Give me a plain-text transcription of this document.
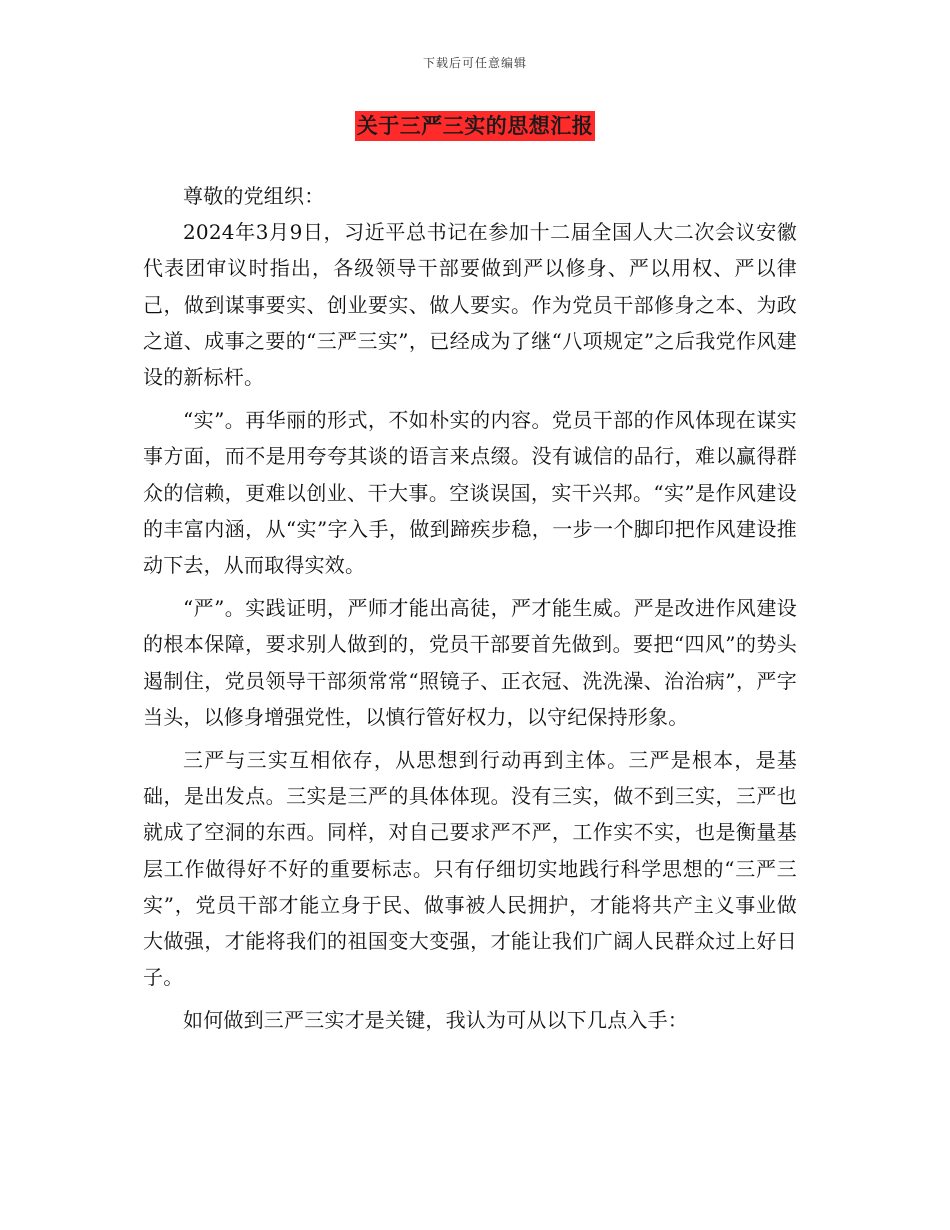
下载后可任意编辑
关于三严三实的思想汇报

尊敬的党组织：

2024年3月9日，习近平总书记在参加十二届全国人大二次会议安徽代表团审议时指出，各级领导干部要做到严以修身、严以用权、严以律己，做到谋事要实、创业要实、做人要实。作为党员干部修身之本、为政之道、成事之要的“三严三实”，已经成为了继“八项规定”之后我党作风建设的新标杆。

“实”。再华丽的形式，不如朴实的内容。党员干部的作风体现在谋实事方面，而不是用夸夸其谈的语言来点缀。没有诚信的品行，难以赢得群众的信赖，更难以创业、干大事。空谈误国，实干兴邦。“实”是作风建设的丰富内涵，从“实”字入手，做到蹄疾步稳，一步一个脚印把作风建设推动下去，从而取得实效。

“严”。实践证明，严师才能出高徒，严才能生威。严是改进作风建设的根本保障，要求别人做到的，党员干部要首先做到。要把“四风”的势头遏制住，党员领导干部须常常“照镜子、正衣冠、洗洗澡、治治病”，严字当头，以修身增强党性，以慎行管好权力，以守纪保持形象。

三严与三实互相依存，从思想到行动再到主体。三严是根本，是基础，是出发点。三实是三严的具体体现。没有三实，做不到三实，三严也就成了空洞的东西。同样，对自己要求严不严，工作实不实，也是衡量基层工作做得好不好的重要标志。只有仔细切实地践行科学思想的“三严三实”，党员干部才能立身于民、做事被人民拥护，才能将共产主义事业做大做强，才能将我们的祖国变大变强，才能让我们广阔人民群众过上好日子。

如何做到三严三实才是关键，我认为可从以下几点入手：
